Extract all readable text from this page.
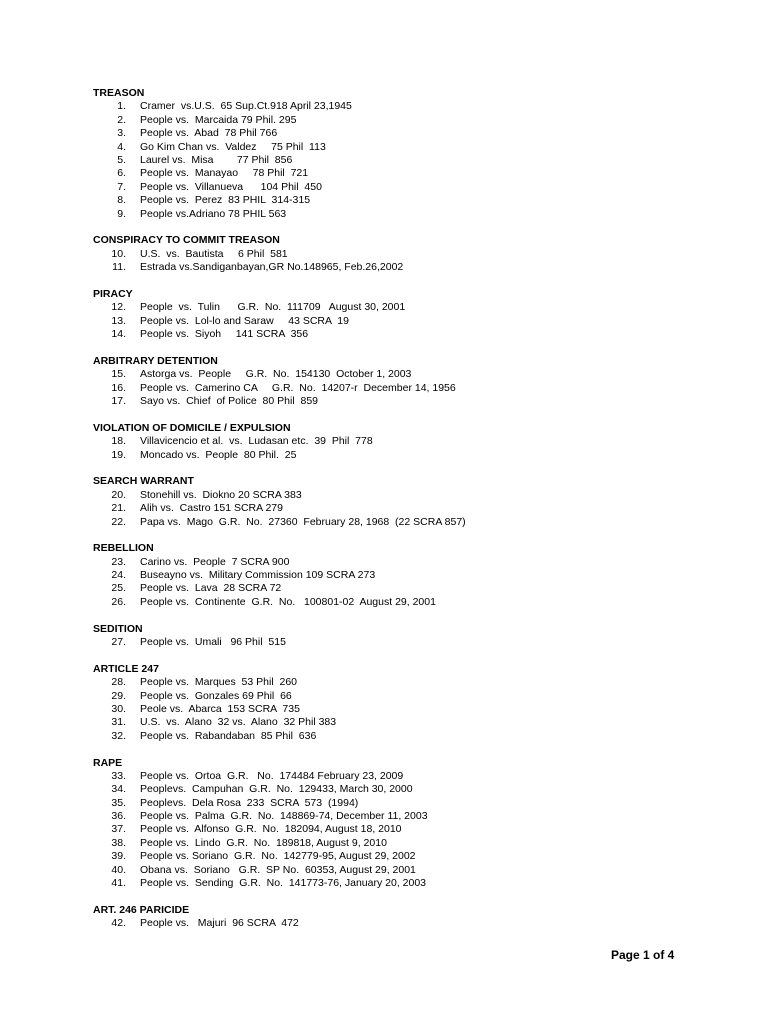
TREASON
1. Cramer  vs.U.S.  65 Sup.Ct.918 April 23,1945
2. People vs.  Marcaida 79 Phil. 295
3. People vs.  Abad  78 Phil 766
4. Go Kim Chan vs.  Valdez     75 Phil  113
5. Laurel vs.  Misa        77 Phil  856
6. People vs.  Manayao     78 Phil  721
7. People vs.  Villanueva      104 Phil  450
8. People vs.  Perez  83 PHIL  314-315
9. People vs.Adriano 78 PHIL 563
CONSPIRACY TO COMMIT TREASON
10. U.S.  vs.  Bautista     6 Phil  581
11. Estrada vs.Sandiganbayan,GR No.148965, Feb.26,2002
PIRACY
12. People  vs.  Tulin      G.R.  No.  111709   August 30, 2001
13. People vs.  Lol-lo and Saraw     43 SCRA  19
14. People vs.  Siyoh     141 SCRA  356
ARBITRARY DETENTION
15. Astorga vs.  People     G.R.  No.  154130  October 1, 2003
16. People vs.  Camerino CA     G.R.  No.  14207-r  December 14, 1956
17. Sayo vs.  Chief  of Police  80 Phil  859
VIOLATION OF DOMICILE / EXPULSION
18. Villavicencio et al.  vs.  Ludasan etc.  39  Phil  778
19. Moncado vs.  People  80 Phil.  25
SEARCH WARRANT
20. Stonehill vs.  Diokno 20 SCRA 383
21. Alih vs.  Castro 151 SCRA 279
22. Papa vs.  Mago  G.R.  No.  27360  February 28, 1968  (22 SCRA 857)
REBELLION
23. Carino vs.  People  7 SCRA 900
24. Buseayno vs.  Military Commission 109 SCRA 273
25. People vs.  Lava  28 SCRA 72
26. People vs.  Continente  G.R.  No.   100801-02  August 29, 2001
SEDITION
27. People vs.  Umali   96 Phil  515
ARTICLE 247
28. People vs.  Marques  53 Phil  260
29. People vs.  Gonzales 69 Phil  66
30. Peole vs.  Abarca  153 SCRA  735
31. U.S.  vs.  Alano  32 vs.  Alano  32 Phil 383
32. People vs.  Rabandaban  85 Phil  636
RAPE
33. People vs.  Ortoa  G.R.   No.  174484 February 23, 2009
34. Peoplevs.  Campuhan  G.R.  No.  129433, March 30, 2000
35. Peoplevs.  Dela Rosa  233  SCRA  573  (1994)
36. People vs.  Palma  G.R.  No.  148869-74, December 11, 2003
37. People vs.  Alfonso  G.R.  No.  182094, August 18, 2010
38. People vs.  Lindo  G.R.  No.  189818, August 9, 2010
39. People vs. Soriano  G.R.  No.  142779-95, August 29, 2002
40. Obana vs.  Soriano   G.R.  SP No.  60353, August 29, 2001
41. People vs.  Sending  G.R.  No.  141773-76, January 20, 2003
ART. 246 PARICIDE
42. People vs.   Majuri  96 SCRA  472
Page 1 of 4
